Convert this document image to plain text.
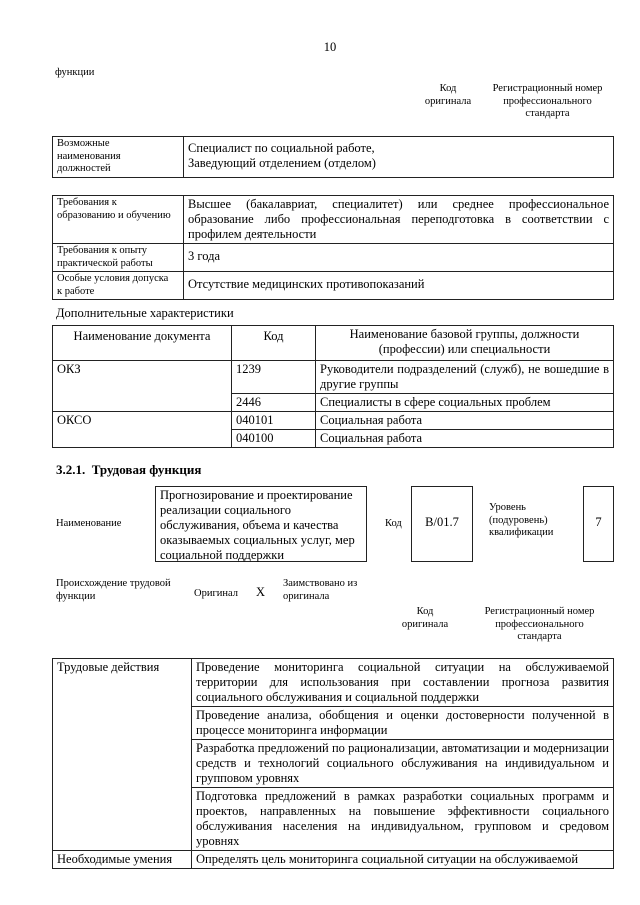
10
функции
Код
оригинала
Регистрационный номер
профессионального
стандарта
Возможные
наименования
должностей	Специалист по социальной работе,
Заведующий отделением (отделом)
Требования к
образованию и обучению	Высшее (бакалавриат, специалитет) или среднее профессиональное образование либо профессиональная переподготовка в соответствии с профилем деятельности
Требования к опыту
практической работы	3 года
Особые условия допуска
к работе	Отсутствие медицинских противопоказаний
Дополнительные характеристики
Наименование документа	Код	Наименование базовой группы, должности
(профессии) или специальности
ОКЗ	1239	Руководители подразделений (служб), не вошедшие в другие группы
	2446	Специалисты в сфере социальных проблем
ОКСО	040101	Социальная работа
	040100	Социальная работа
3.2.1.  Трудовая функция
Наименование
Прогнозирование и проектирование реализации социального обслуживания, объема и качества оказываемых социальных услуг, мер социальной поддержки
Код	B/01.7
Уровень
(подуровень)
квалификации
7
Происхождение трудовой
функции	Оригинал X
Заимствовано из
оригинала
Код
оригинала
Регистрационный номер
профессионального
стандарта
Трудовые действия	Проведение мониторинга социальной ситуации на обслуживаемой территории для использования при составлении прогноза развития социального обслуживания и социальной поддержки
	Проведение анализа, обобщения и оценки достоверности полученной в процессе мониторинга информации
	Разработка предложений по рационализации, автоматизации и модернизации средств и технологий социального обслуживания на индивидуальном и групповом уровнях
	Подготовка предложений в рамках разработки социальных программ и проектов, направленных на повышение эффективности социального обслуживания населения на индивидуальном, групповом и средовом уровнях
Необходимые умения	Определять цель мониторинга социальной ситуации на обслуживаемой
